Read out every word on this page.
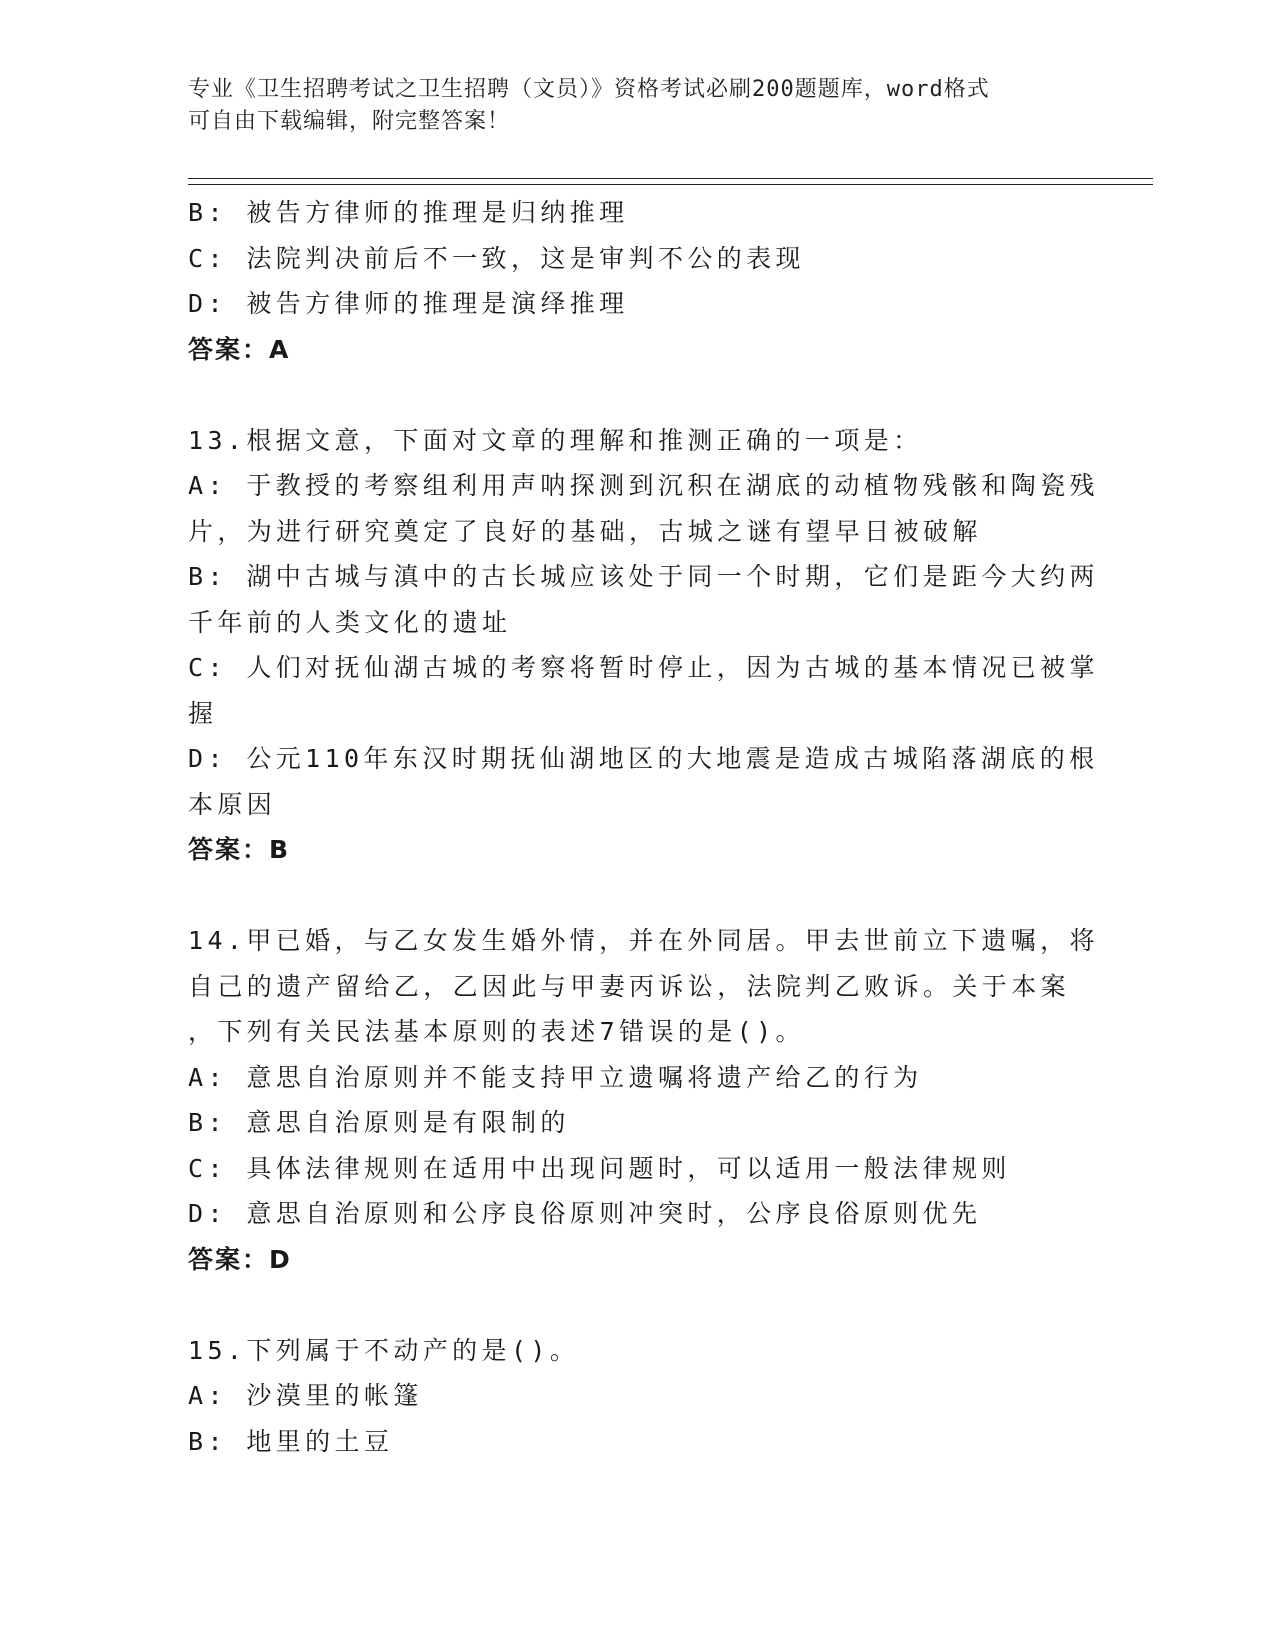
专业《卫生招聘考试之卫生招聘（文员）》资格考试必刷200题题库，word格式
可自由下载编辑，附完整答案！
B: 被告方律师的推理是归纳推理
C: 法院判决前后不一致，这是审判不公的表现
D: 被告方律师的推理是演绎推理
答案：A
13.根据文意，下面对文章的理解和推测正确的一项是：
A: 于教授的考察组利用声呐探测到沉积在湖底的动植物残骸和陶瓷残
片，为进行研究奠定了良好的基础，古城之谜有望早日被破解
B: 湖中古城与滇中的古长城应该处于同一个时期，它们是距今大约两
千年前的人类文化的遗址
C: 人们对抚仙湖古城的考察将暂时停止，因为古城的基本情况已被掌
握
D: 公元110年东汉时期抚仙湖地区的大地震是造成古城陷落湖底的根
本原因
答案：B
14.甲已婚，与乙女发生婚外情，并在外同居。甲去世前立下遗嘱，将
自己的遗产留给乙，乙因此与甲妻丙诉讼，法院判乙败诉。关于本案
，下列有关民法基本原则的表述7错误的是()。
A: 意思自治原则并不能支持甲立遗嘱将遗产给乙的行为
B: 意思自治原则是有限制的
C: 具体法律规则在适用中出现问题时，可以适用一般法律规则
D: 意思自治原则和公序良俗原则冲突时，公序良俗原则优先
答案：D
15.下列属于不动产的是()。
A: 沙漠里的帐篷
B: 地里的土豆
